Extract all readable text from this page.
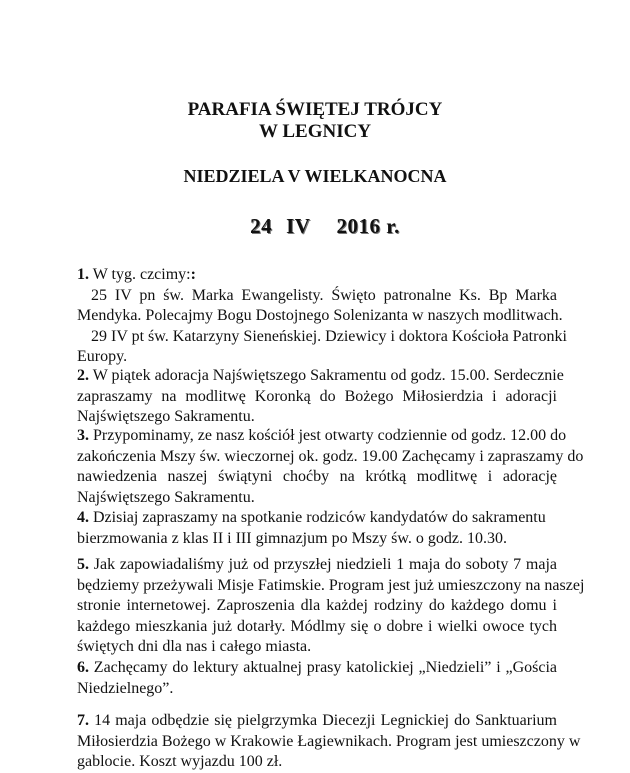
PARAFIA ŚWIĘTEJ TRÓJCY
W LEGNICY
NIEDZIELA V WIELKANOCNA
24 IV 2016 r.
1. W tyg. czcimy::
25 IV pn św. Marka Ewangelisty. Święto patronalne Ks. Bp Marka
Mendyka. Polecajmy Bogu Dostojnego Solenizanta w naszych modlitwach.
29 IV pt św. Katarzyny Sieneńskiej. Dziewicy i doktora Kościoła Patronki
Europy.
2. W piątek adoracja Najświętszego Sakramentu od godz. 15.00. Serdecznie
zapraszamy na modlitwę Koronką do Bożego Miłosierdzia i adoracji
Najświętszego Sakramentu.
3. Przypominamy, ze nasz kościół jest otwarty codziennie od godz. 12.00 do
zakończenia Mszy św. wieczornej ok. godz. 19.00 Zachęcamy i zapraszamy do
nawiedzenia naszej świątyni choćby na krótką modlitwę i adorację
Najświętszego Sakramentu.
4. Dzisiaj zapraszamy na spotkanie rodziców kandydatów do sakramentu
bierzmowania z klas II i III gimnazjum po Mszy św. o godz. 10.30.
5. Jak zapowiadaliśmy już od przyszłej niedzieli 1 maja do soboty 7 maja
będziemy przeżywali Misje Fatimskie. Program jest już umieszczony na naszej
stronie internetowej. Zaproszenia dla każdej rodziny do każdego domu i
każdego mieszkania już dotarły. Módlmy się o dobre i wielki owoce tych
świętych dni dla nas i całego miasta.
6. Zachęcamy do lektury aktualnej prasy katolickiej „Niedzieli” i „Gościa
Niedzielnego”.
7. 14 maja odbędzie się pielgrzymka Diecezji Legnickiej do Sanktuarium
Miłosierdzia Bożego w Krakowie Łagiewnikach. Program jest umieszczony w
gablocie. Koszt wyjazdu 100 zł.
